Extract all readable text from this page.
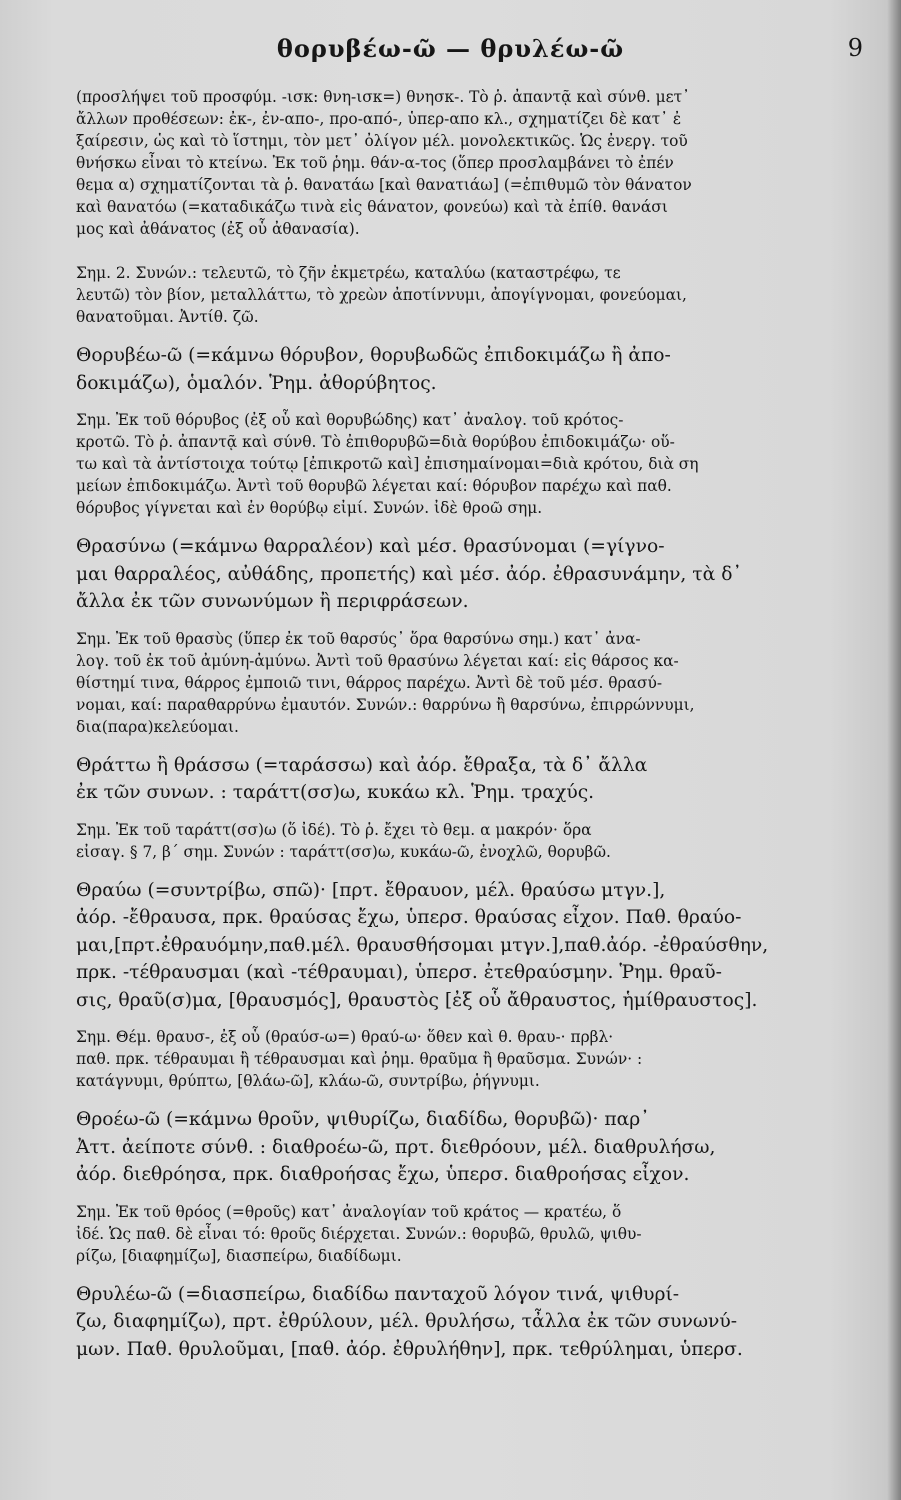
θορυβέω-ῶ — θρυλέω-ῶ	9
(προσλήψει τοῦ προσφύμ. -ισκ: θνη-ισκ=) θνησκ-. Τὸ ῥ. ἀπαντᾷ καὶ σύνθ. μετ᾿
ἄλλων προθέσεων: ἐκ-, ἐν-απο-, προ-από-, ὑπερ-απο κλ., σχηματίζει δὲ κατ᾿ ἐ
ξαίρεσιν, ὡς καὶ τὸ ἵστημι, τὸν μετ᾿ ὀλίγον μέλ. μονολεκτικῶς. Ὡς ἐνεργ. τοῦ
θνήσκω εἶναι τὸ κτείνω. Ἐκ τοῦ ῥημ. θάν-α-τος (ὅπερ προσλαμβάνει τὸ ἐπέν
θεμα α) σχηματίζονται τὰ ῥ. θανατάω [καὶ θανατιάω] (=ἐπιθυμῶ τὸν θάνατον
καὶ θανατόω (=καταδικάζω τινὰ εἰς θάνατον, φονεύω) καὶ τὰ ἐπίθ. θανάσι
μος καὶ ἀθάνατος (ἐξ οὗ ἀθανασία).
Σημ. 2. Συνών.: τελευτῶ, τὸ ζῆν ἐκμετρέω, καταλύω (καταστρέφω, τε
λευτῶ) τὸν βίον, μεταλλάττω, τὸ χρεὼν ἀποτίννυμι, ἀπογίγνομαι, φονεύομαι,
θανατοῦμαι. Ἀντίθ. ζῶ.
Θορυβέω-ῶ (=κάμνω θόρυβον, θορυβωδῶς ἐπιδοκιμάζω ἢ ἀπο-
δοκιμάζω), ὁμαλόν. Ῥημ. ἀθορύβητος.
Σημ. Ἐκ τοῦ θόρυβος (ἐξ οὗ καὶ θορυβώδης) κατ᾿ ἀναλογ. τοῦ κρότος-
κροτῶ. Τὸ ῥ. ἀπαντᾷ καὶ σύνθ. Τὸ ἐπιθορυβῶ=διὰ θορύβου ἐπιδοκιμάζω· οὕ-
τω καὶ τὰ ἀντίστοιχα τούτῳ [ἐπικροτῶ καὶ] ἐπισημαίνομαι=διὰ κρότου, διὰ ση
μείων ἐπιδοκιμάζω. Ἀντὶ τοῦ θορυβῶ λέγεται καί: θόρυβον παρέχω καὶ παθ.
θόρυβος γίγνεται καὶ ἐν θορύβῳ εἰμί. Συνών. ἰδὲ θροῶ σημ.
Θρασύνω (=κάμνω θαρραλέον) καὶ μέσ. θρασύνομαι (=γίγνο-
μαι θαρραλέος, αὐθάδης, προπετής) καὶ μέσ. ἀόρ. ἐθρασυνάμην, τὰ δ᾿
ἄλλα ἐκ τῶν συνωνύμων ἢ περιφράσεων.
Σημ. Ἐκ τοῦ θρασὺς (ὕπερ ἐκ τοῦ θαρσύς᾿ ὅρα θαρσύνω σημ.) κατ᾿ ἀνα-
λογ. τοῦ ἐκ τοῦ ἀμύνη-ἀμύνω. Ἀντὶ τοῦ θρασύνω λέγεται καί: εἰς θάρσος κα-
θίστημί τινα, θάρρος ἐμποιῶ τινι, θάρρος παρέχω. Ἀντὶ δὲ τοῦ μέσ. θρασύ-
νομαι, καί: παραθαρρύνω ἐμαυτόν. Συνών.: θαρρύνω ἢ θαρσύνω, ἐπιρρώννυμι,
δια(παρα)κελεύομαι.
Θράττω ἢ θράσσω (=ταράσσω) καὶ ἀόρ. ἔθραξα, τὰ δ᾿ ἄλλα
ἐκ τῶν συνων. : ταράττ(σσ)ω, κυκάω κλ. Ῥημ. τραχύς.
Σημ. Ἐκ τοῦ ταράττ(σσ)ω (ὅ ἰδέ). Τὸ ῥ. ἔχει τὸ θεμ. α μακρόν· ὅρα
εἰσαγ. § 7, β΄ σημ. Συνών : ταράττ(σσ)ω, κυκάω-ῶ, ἐνοχλῶ, θορυβῶ.
Θραύω (=συντρίβω, σπῶ)· [πρτ. ἔθραυον, μέλ. θραύσω μτγν.],
ἀόρ. -ἔθραυσα, πρκ. θραύσας ἔχω, ὑπερσ. θραύσας εἶχον. Παθ. θραύο-
μαι,[πρτ.ἐθραυόμην,παθ.μέλ. θραυσθήσομαι μτγν.],παθ.ἀόρ. -ἐθραύσθην,
πρκ. -τέθραυσμαι (καὶ -τέθραυμαι), ὑπερσ. ἐτεθραύσμην. Ῥημ. θραῦ-
σις, θραῦ(σ)μα, [θραυσμός], θραυστὸς [ἐξ οὗ ἄθραυστος, ἡμίθραυστος].
Σημ. Θέμ. θραυσ-, ἐξ οὗ (θραύσ-ω=) θραύ-ω· ὅθεν καὶ θ. θραυ-· πρβλ·
παθ. πρκ. τέθραυμαι ἢ τέθραυσμαι καὶ ῥημ. θραῦμα ἢ θραῦσμα. Συνών· :
κατάγνυμι, θρύπτω, [θλάω-ῶ], κλάω-ῶ, συντρίβω, ῥήγνυμι.
Θροέω-ῶ (=κάμνω θροῦν, ψιθυρίζω, διαδίδω, θορυβῶ)· παρ᾿
Ἀττ. ἀείποτε σύνθ. : διαθροέω-ῶ, πρτ. διεθρόουν, μέλ. διαθρυλήσω,
ἀόρ. διεθρόησα, πρκ. διαθροήσας ἔχω, ὑπερσ. διαθροήσας εἶχον.
Σημ. Ἐκ τοῦ θρόος (=θροῦς) κατ᾿ ἀναλογίαν τοῦ κράτος — κρατέω, ὅ
ἰδέ. Ὡς παθ. δὲ εἶναι τό: θροῦς διέρχεται. Συνών.: θορυβῶ, θρυλῶ, ψιθυ-
ρίζω, [διαφημίζω], διασπείρω, διαδίδωμι.
Θρυλέω-ῶ (=διασπείρω, διαδίδω πανταχοῦ λόγον τινά, ψιθυρί-
ζω, διαφημίζω), πρτ. ἐθρύλουν, μέλ. θρυλήσω, τἆλλα ἐκ τῶν συνωνύ-
μων. Παθ. θρυλοῦμαι, [παθ. ἀόρ. ἐθρυλήθην], πρκ. τεθρύλημαι, ὑπερσ.
